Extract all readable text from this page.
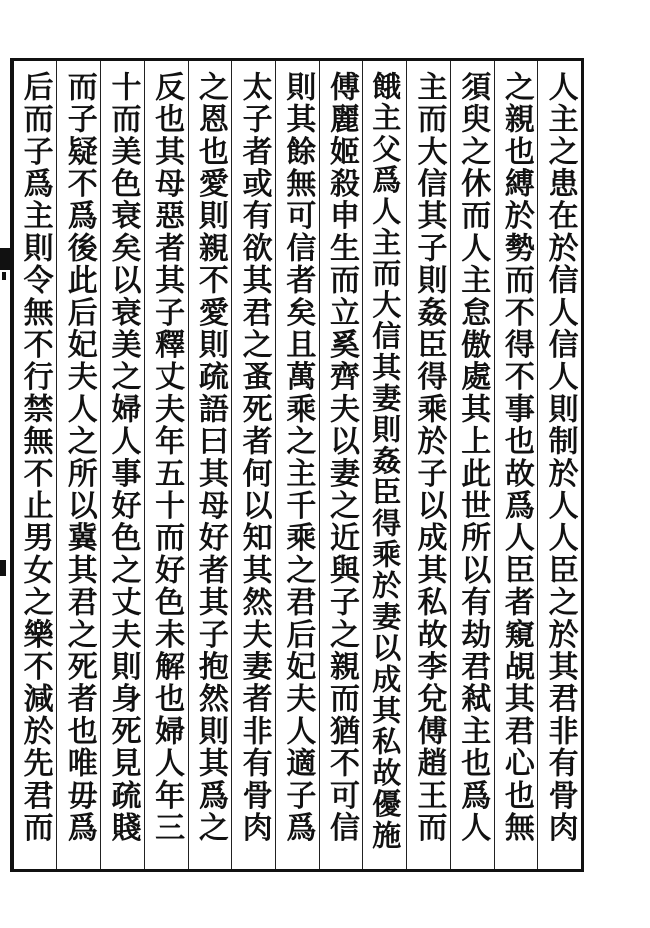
人主之患在於信人信人則制於人人臣之於其君非有骨肉
之親也縛於勢而不得不事也故爲人臣者窺覘其君心也無
須臾之休而人主怠傲處其上此世所以有劫君弒主也爲人
主而大信其子則姦臣得乘於子以成其私故李兌傅趙王而
餓主父爲人主而大信其妻則姦臣得乘於妻以成其私故優施
傅麗姬殺申生而立奚齊夫以妻之近與子之親而猶不可信
則其餘無可信者矣且萬乘之主千乘之君后妃夫人適子爲
太子者或有欲其君之蚤死者何以知其然夫妻者非有骨肉
之恩也愛則親不愛則疏語曰其母好者其子抱然則其爲之
反也其母惡者其子釋丈夫年五十而好色未解也婦人年三
十而美色衰矣以衰美之婦人事好色之丈夫則身死見疏賤
而子疑不爲後此后妃夫人之所以冀其君之死者也唯毋爲
后而子爲主則令無不行禁無不止男女之樂不減於先君而
